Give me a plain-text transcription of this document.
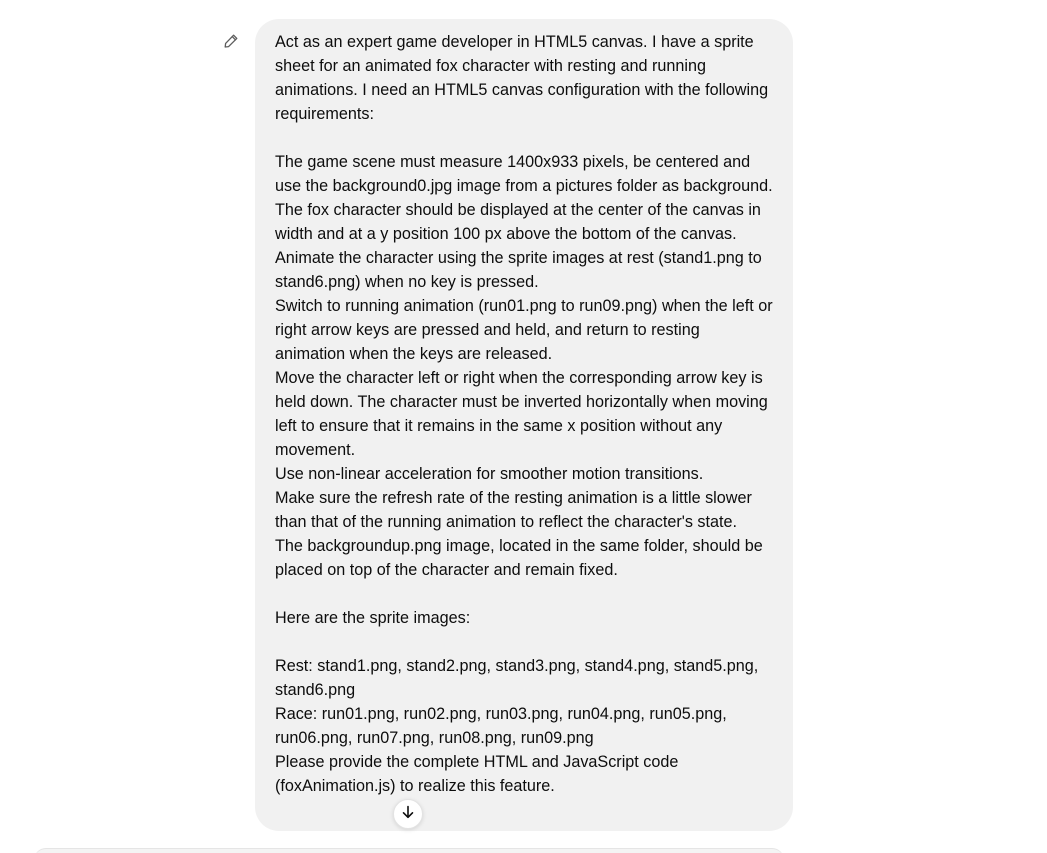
Act as an expert game developer in HTML5 canvas. I have a sprite sheet for an animated fox character with resting and running animations. I need an HTML5 canvas configuration with the following requirements:

The game scene must measure 1400x933 pixels, be centered and use the background0.jpg image from a pictures folder as background.

The fox character should be displayed at the center of the canvas in width and at a y position 100 px above the bottom of the canvas.

Animate the character using the sprite images at rest (stand1.png to stand6.png) when no key is pressed.

Switch to running animation (run01.png to run09.png) when the left or right arrow keys are pressed and held, and return to resting animation when the keys are released.

Move the character left or right when the corresponding arrow key is held down. The character must be inverted horizontally when moving left to ensure that it remains in the same x position without any movement.

Use non-linear acceleration for smoother motion transitions.

Make sure the refresh rate of the resting animation is a little slower than that of the running animation to reflect the character's state.

The backgroundup.png image, located in the same folder, should be placed on top of the character and remain fixed.

Here are the sprite images:

Rest: stand1.png, stand2.png, stand3.png, stand4.png, stand5.png, stand6.png

Race: run01.png, run02.png, run03.png, run04.png, run05.png, run06.png, run07.png, run08.png, run09.png

Please provide the complete HTML and JavaScript code (foxAnimation.js) to realize this feature.
